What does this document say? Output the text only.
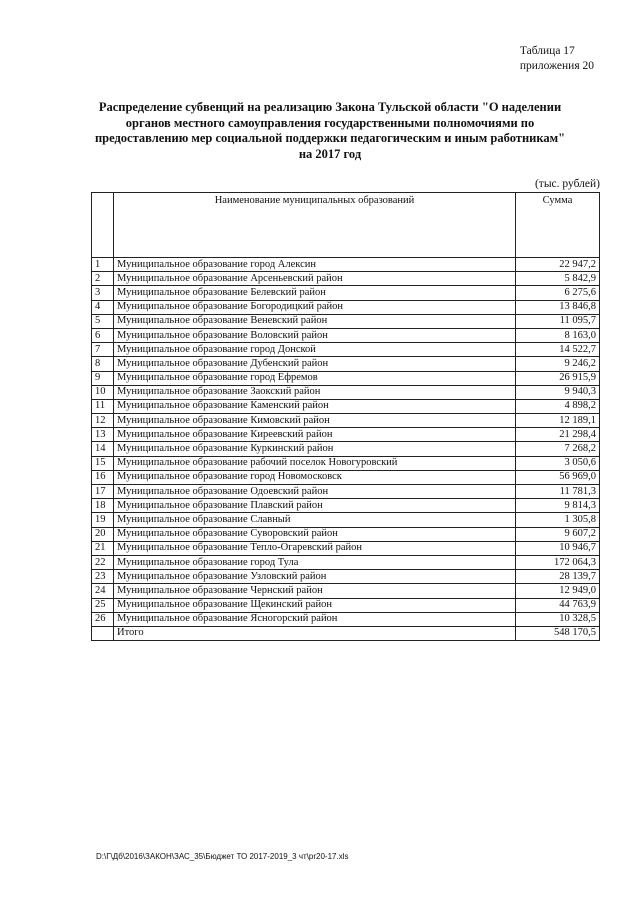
Таблица 17
приложения 20
Распределение субвенций на реализацию Закона Тульской области "О наделении
органов местного самоуправления государственными полномочиями по
предоставлению мер социальной поддержки педагогическим и иным работникам"
на 2017 год
(тыс. рублей)
	Наименование муниципальных образований	Сумма
1	Муниципальное образование город Алексин	22 947,2
2	Муниципальное образование Арсеньевский район	5 842,9
3	Муниципальное образование Белевский район	6 275,6
4	Муниципальное образование Богородицкий район	13 846,8
5	Муниципальное образование Веневский район	11 095,7
6	Муниципальное образование Воловский район	8 163,0
7	Муниципальное образование город Донской	14 522,7
8	Муниципальное образование Дубенский район	9 246,2
9	Муниципальное образование город Ефремов	26 915,9
10	Муниципальное образование Заокский район	9 940,3
11	Муниципальное образование Каменский район	4 898,2
12	Муниципальное образование Кимовский район	12 189,1
13	Муниципальное образование Киреевский район	21 298,4
14	Муниципальное образование Куркинский район	7 268,2
15	Муниципальное образование рабочий поселок Новогуровский	3 050,6
16	Муниципальное образование город Новомосковск	56 969,0
17	Муниципальное образование Одоевский район	11 781,3
18	Муниципальное образование Плавский район	9 814,3
19	Муниципальное образование Славный	1 305,8
20	Муниципальное образование Суворовский район	9 607,2
21	Муниципальное образование Тепло-Огаревский район	10 946,7
22	Муниципальное образование город Тула	172 064,3
23	Муниципальное образование Узловский район	28 139,7
24	Муниципальное образование Чернский район	12 949,0
25	Муниципальное образование Щекинский район	44 763,9
26	Муниципальное образование Ясногорский район	10 328,5
	Итого	548 170,5
D:\Г\Дб\2016\ЗАКОН\ЗАС_35\Бюджет ТО 2017-2019_3 чт\pr20-17.xls
